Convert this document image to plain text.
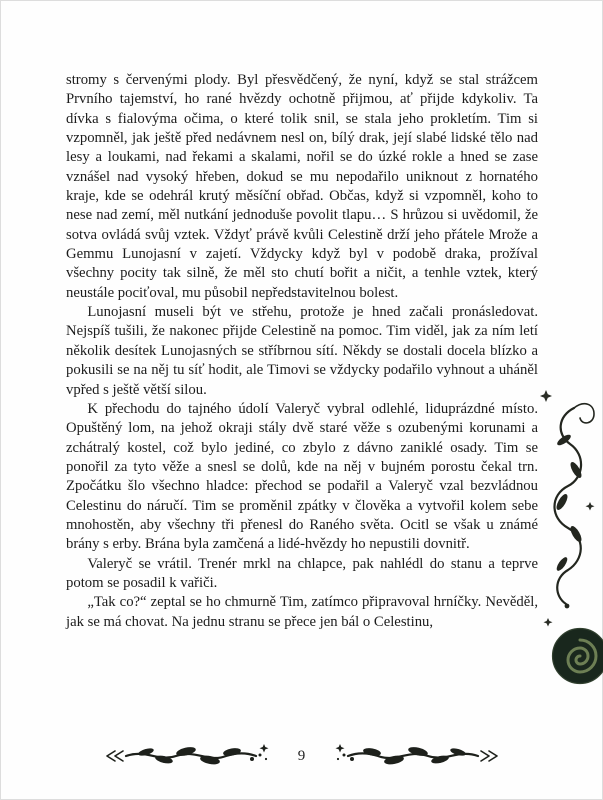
stromy s červenými plody. Byl přesvědčený, že nyní, když se stal strážcem Prvního tajemství, ho rané hvězdy ochotně přijmou, ať přijde kdykoliv. Ta dívka s fialovýma očima, o které tolik snil, se stala jeho prokletím. Tim si vzpomněl, jak ještě před nedávnem nesl on, bílý drak, její slabé lidské tělo nad lesy a loukami, nad řekami a skalami, nořil se do úzké rokle a hned se zase vznášel nad vysoký hřeben, dokud se mu nepodařilo uniknout z hornatého kraje, kde se odehrál krutý měsíční obřad. Občas, když si vzpomněl, koho to nese nad zemí, měl nutkání jednoduše povolit tlapu… S hrůzou si uvědomil, že sotva ovládá svůj vztek. Vždyť právě kvůli Celestině drží jeho přátele Mrože a Gemmu Lunojasní v zajetí. Vždycky když byl v podobě draka, prožíval všechny pocity tak silně, že měl sto chutí bořit a ničit, a tenhle vztek, který neustále pociťoval, mu působil nepředstavitelnou bolest.

Lunojasní museli být ve střehu, protože je hned začali pronásledovat. Nejspíš tušili, že nakonec přijde Celestině na pomoc. Tim viděl, jak za ním letí několik desítek Lunojasných se stříbrnou sítí. Někdy se dostali docela blízko a pokusili se na něj tu síť hodit, ale Timovi se vždycky podařilo vyhnout a uháněl vpřed s ještě větší silou.

K přechodu do tajného údolí Valeryč vybral odlehlé, liduprázdné místo. Opuštěný lom, na jehož okraji stály dvě staré věže s ozubenými korunami a zchátralý kostel, což bylo jediné, co zbylo z dávno zaniklé osady. Tim se ponořil za tyto věže a snesl se dolů, kde na něj v bujném porostu čekal trn. Zpočátku šlo všechno hladce: přechod se podařil a Valeryč vzal bezvládnou Celestinu do náručí. Tim se proměnil zpátky v člověka a vytvořil kolem sebe mnohostěn, aby všechny tři přenesl do Raného světa. Ocitl se však u známé brány s erby. Brána byla zamčená a lidé-hvězdy ho nepustili dovnitř.

Valeryč se vrátil. Trenér mrkl na chlapce, pak nahlédl do stanu a teprve potom se posadil k vařiči.

„Tak co?“ zeptal se ho chmurně Tim, zatímco připravoval hrníčky. Nevěděl, jak se má chovat. Na jednu stranu se přece jen bál o Celestinu,

9
